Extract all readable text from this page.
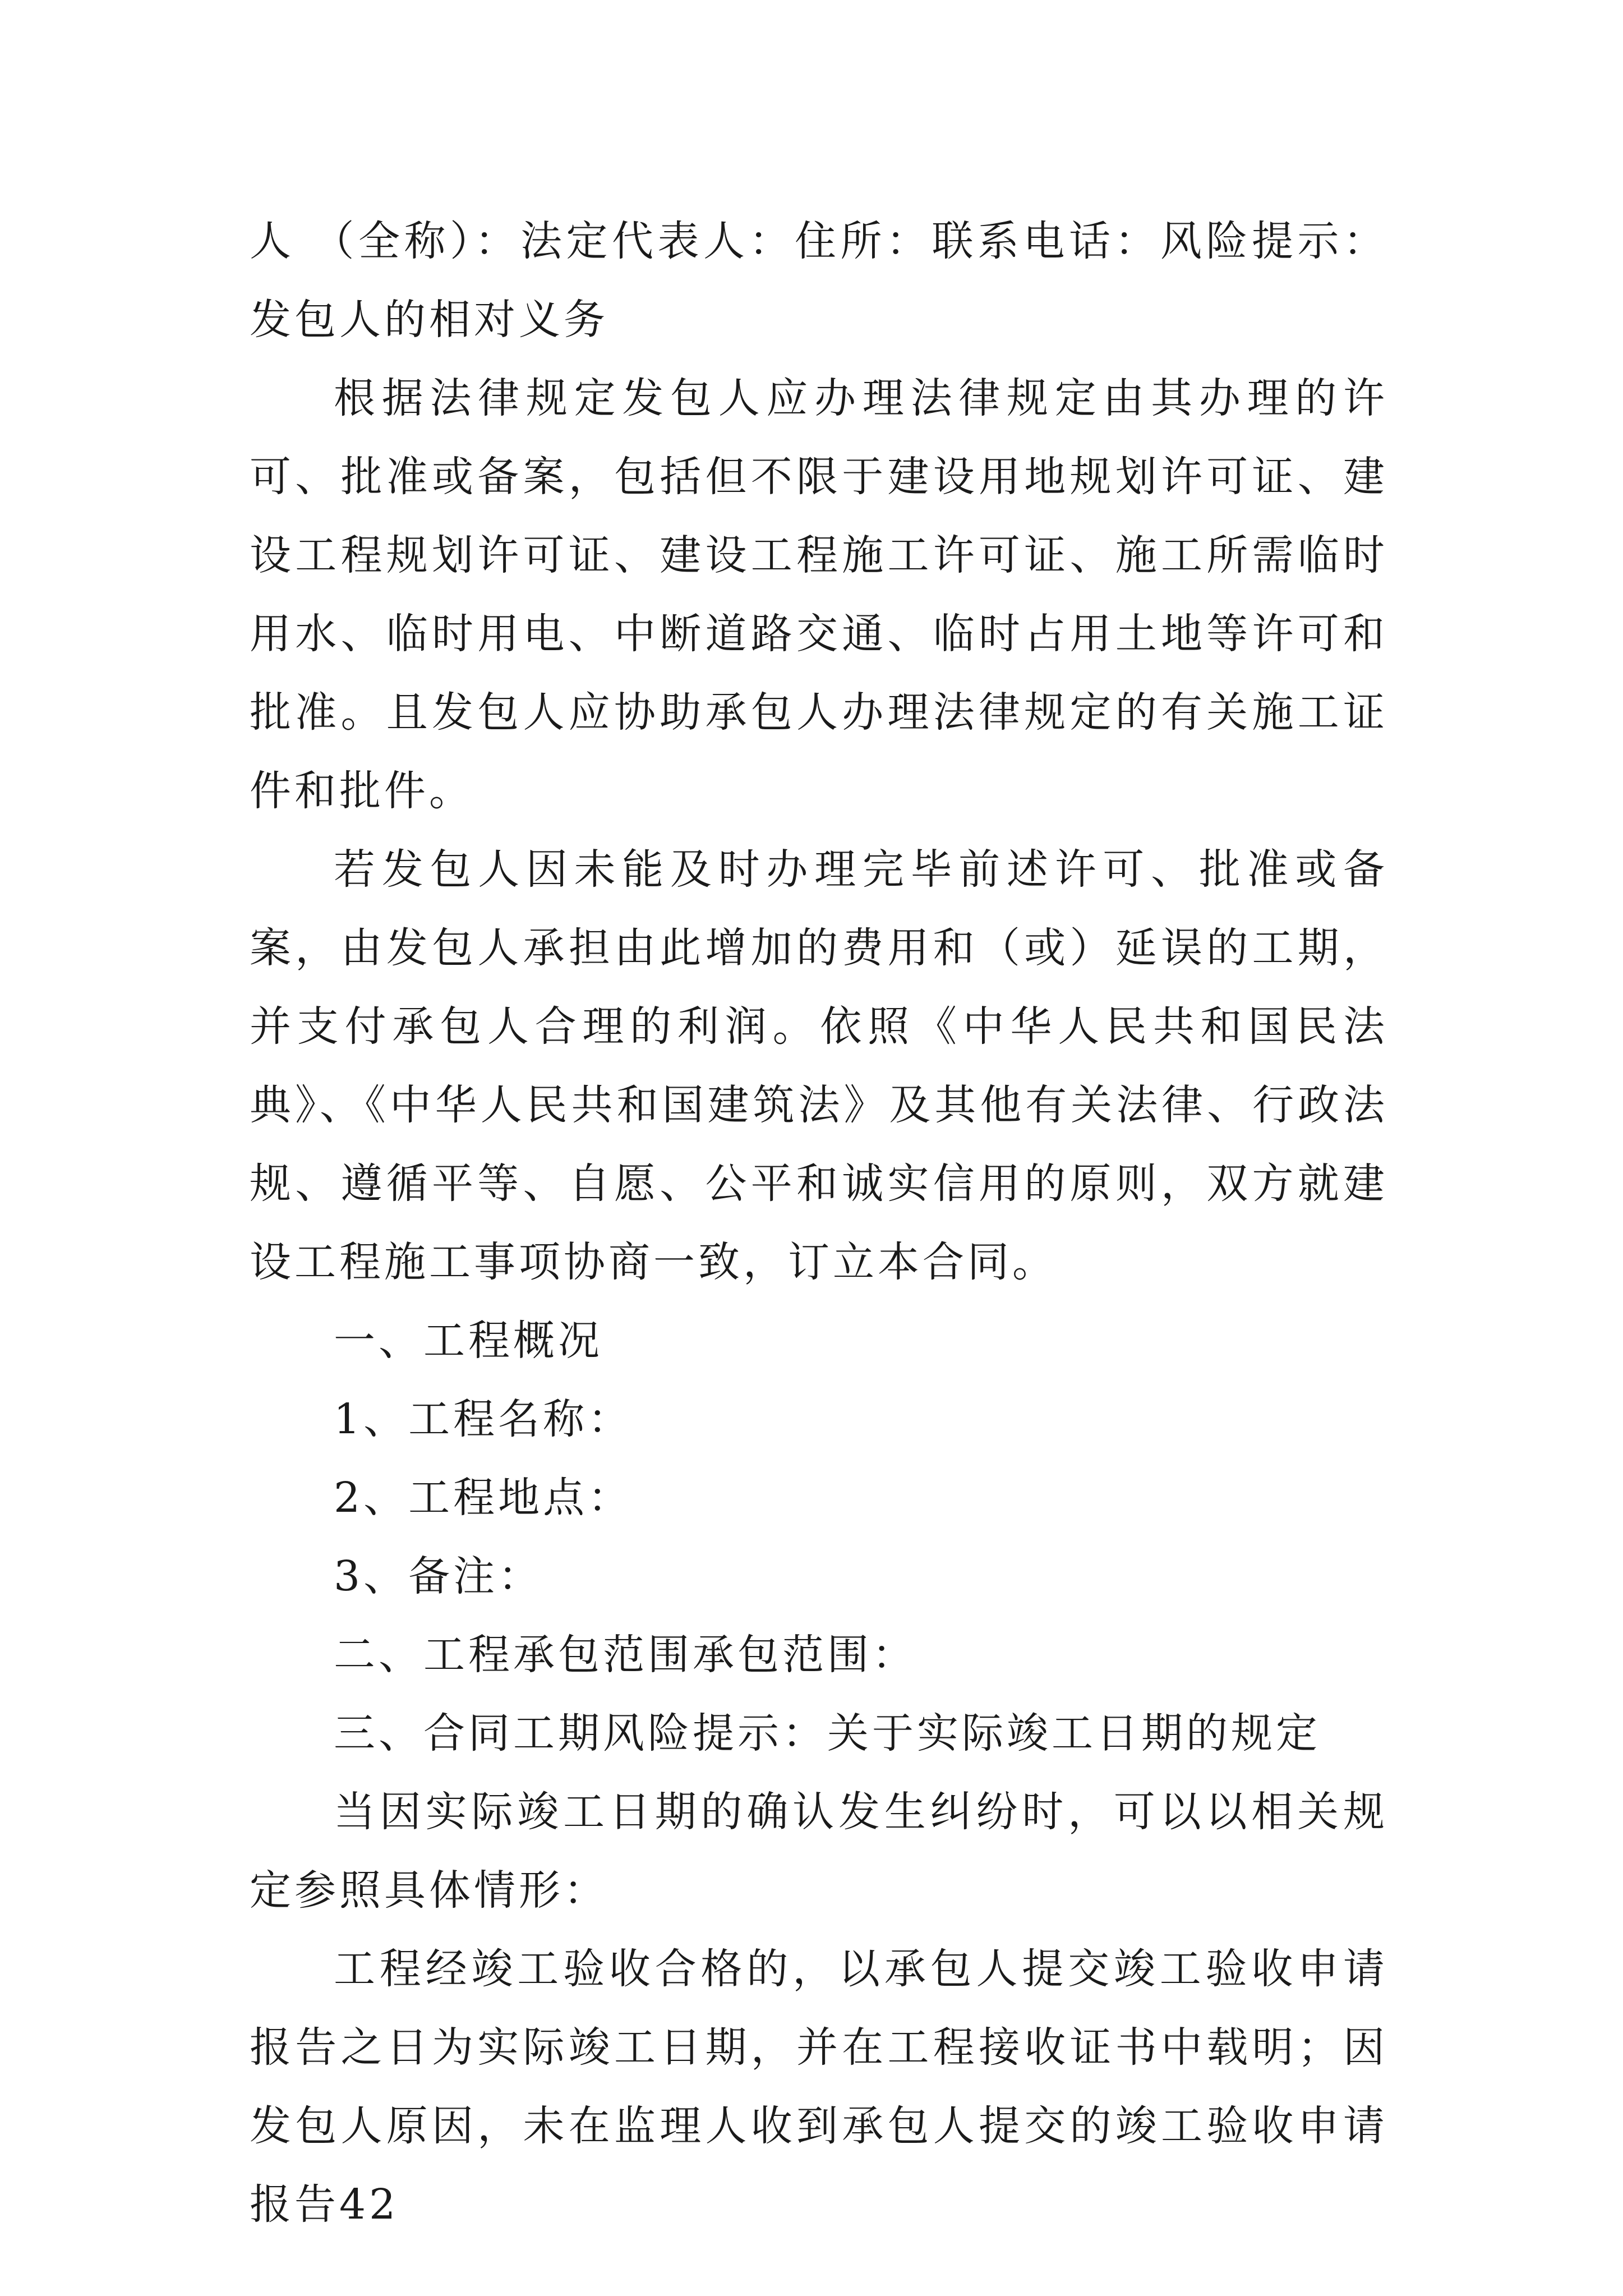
人 （全称）：法定代表人：住所：联系电话：风险提示：发包人的相对义务

根据法律规定发包人应办理法律规定由其办理的许可、批准或备案，包括但不限于建设用地规划许可证、建设工程规划许可证、建设工程施工许可证、施工所需临时用水、临时用电、中断道路交通、临时占用土地等许可和批准。且发包人应协助承包人办理法律规定的有关施工证件和批件。

若发包人因未能及时办理完毕前述许可、批准或备案，由发包人承担由此增加的费用和（或）延误的工期，并支付承包人合理的利润。依照《中华人民共和国民法典》、《中华人民共和国建筑法》及其他有关法律、行政法规、遵循平等、自愿、公平和诚实信用的原则，双方就建设工程施工事项协商一致，订立本合同。

一、工程概况

1、工程名称：

2、工程地点：

3、备注：

二、工程承包范围承包范围：

三、合同工期风险提示：关于实际竣工日期的规定

当因实际竣工日期的确认发生纠纷时，可以以相关规定参照具体情形：

工程经竣工验收合格的，以承包人提交竣工验收申请报告之日为实际竣工日期，并在工程接收证书中载明；因发包人原因，未在监理人收到承包人提交的竣工验收申请报告42
